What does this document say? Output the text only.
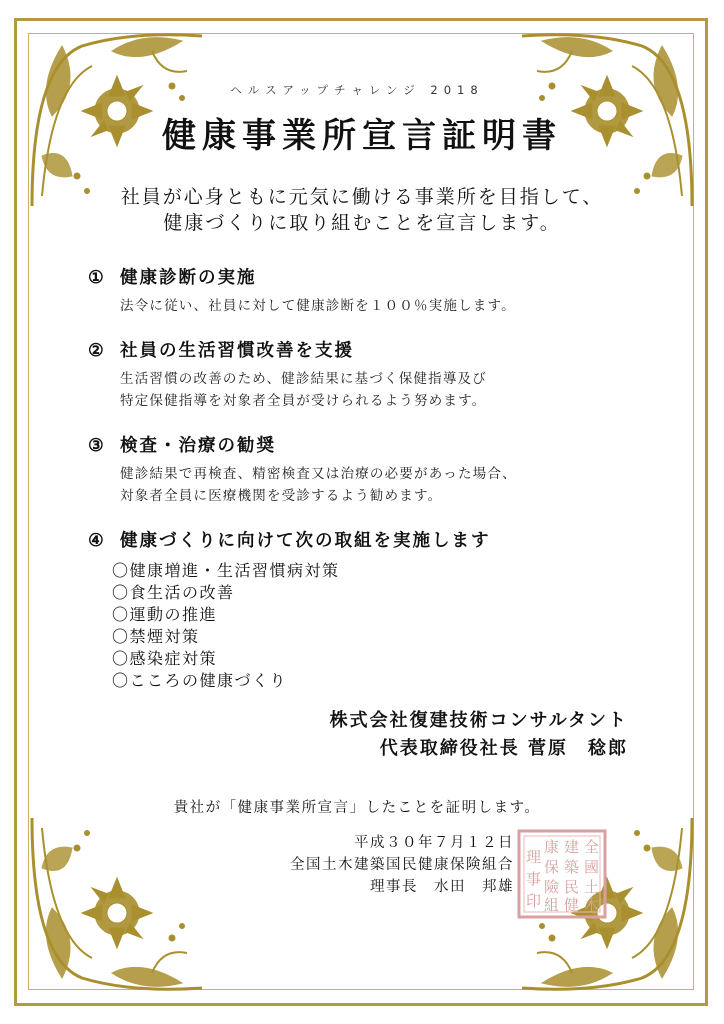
ヘルスアップチャレンジ 2018
健康事業所宣言証明書
社員が心身ともに元気に働ける事業所を目指して、
健康づくりに取り組むことを宣言します。
① 健康診断の実施
法令に従い、社員に対して健康診断を１００％実施します。
② 社員の生活習慣改善を支援
生活習慣の改善のため、健診結果に基づく保健指導及び
特定保健指導を対象者全員が受けられるよう努めます。
③ 検査・治療の勧奨
健診結果で再検査、精密検査又は治療の必要があった場合、
対象者全員に医療機関を受診するよう勧めます。
④ 健康づくりに向けて次の取組を実施します
〇健康増進・生活習慣病対策
〇食生活の改善
〇運動の推進
〇禁煙対策
〇感染症対策
〇こころの健康づくり
株式会社復建技術コンサルタント
代表取締役社長 菅原　稔郎
貴社が「健康事業所宣言」したことを証明します。
平成３０年７月１２日
全国土木建築国民健康保険組合
理事長　水田　邦雄
全
國
土
木
建
築
民
健
康
保
險
組
理
事
印
